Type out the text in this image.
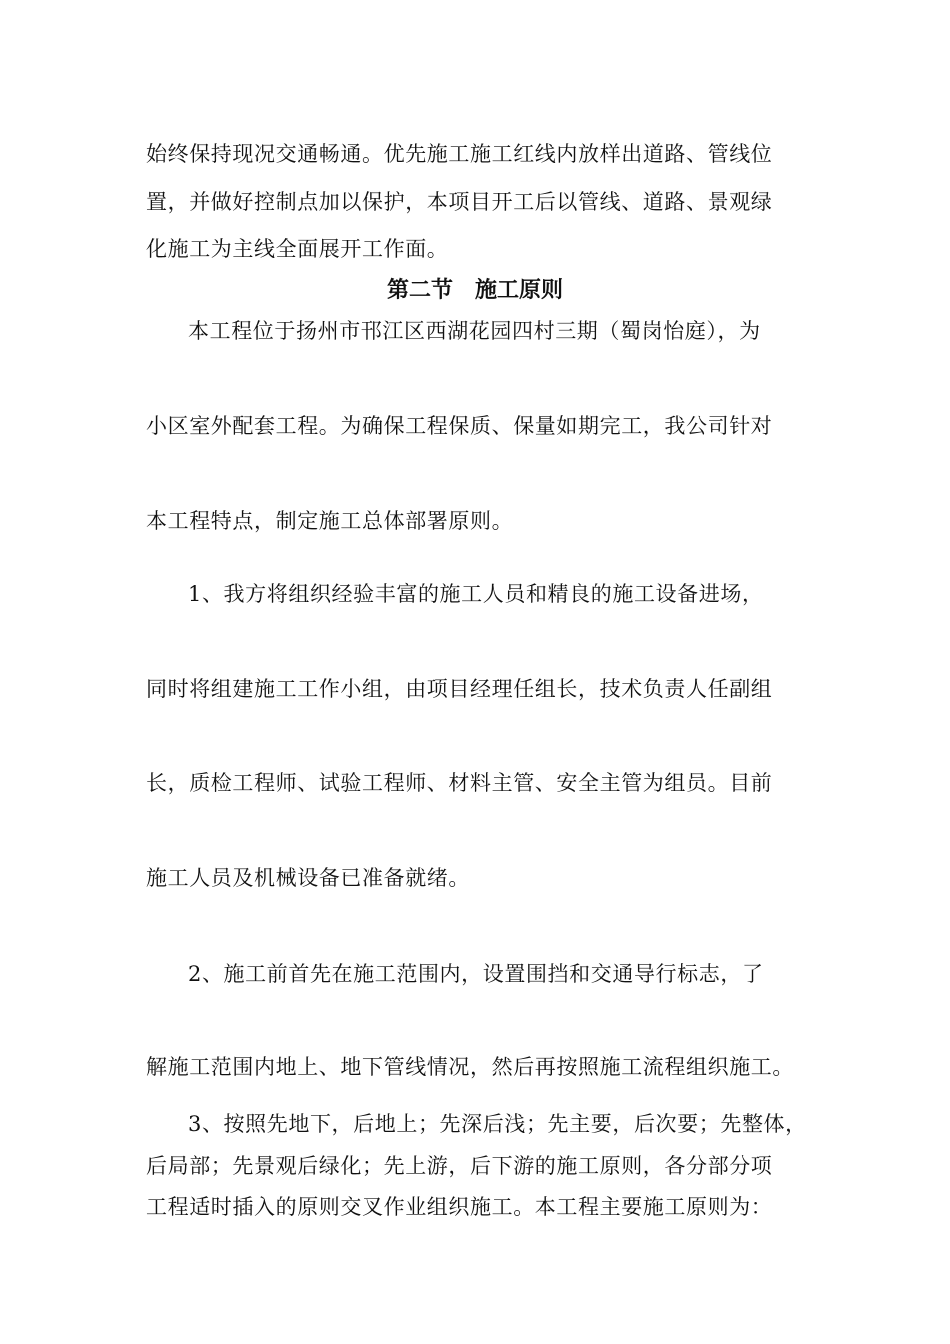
始终保持现况交通畅通。优先施工施工红线内放样出道路、管线位
置，并做好控制点加以保护，本项目开工后以管线、道路、景观绿
化施工为主线全面展开工作面。
第二节　施工原则
本工程位于扬州市邗江区西湖花园四村三期（蜀岗怡庭），为
小区室外配套工程。为确保工程保质、保量如期完工，我公司针对
本工程特点，制定施工总体部署原则。
1、我方将组织经验丰富的施工人员和精良的施工设备进场，
同时将组建施工工作小组，由项目经理任组长，技术负责人任副组
长，质检工程师、试验工程师、材料主管、安全主管为组员。目前
施工人员及机械设备已准备就绪。
2、施工前首先在施工范围内，设置围挡和交通导行标志，了
解施工范围内地上、地下管线情况，然后再按照施工流程组织施工。
3、按照先地下，后地上；先深后浅；先主要，后次要；先整体，
后局部；先景观后绿化；先上游，后下游的施工原则，各分部分项
工程适时插入的原则交叉作业组织施工。本工程主要施工原则为：
